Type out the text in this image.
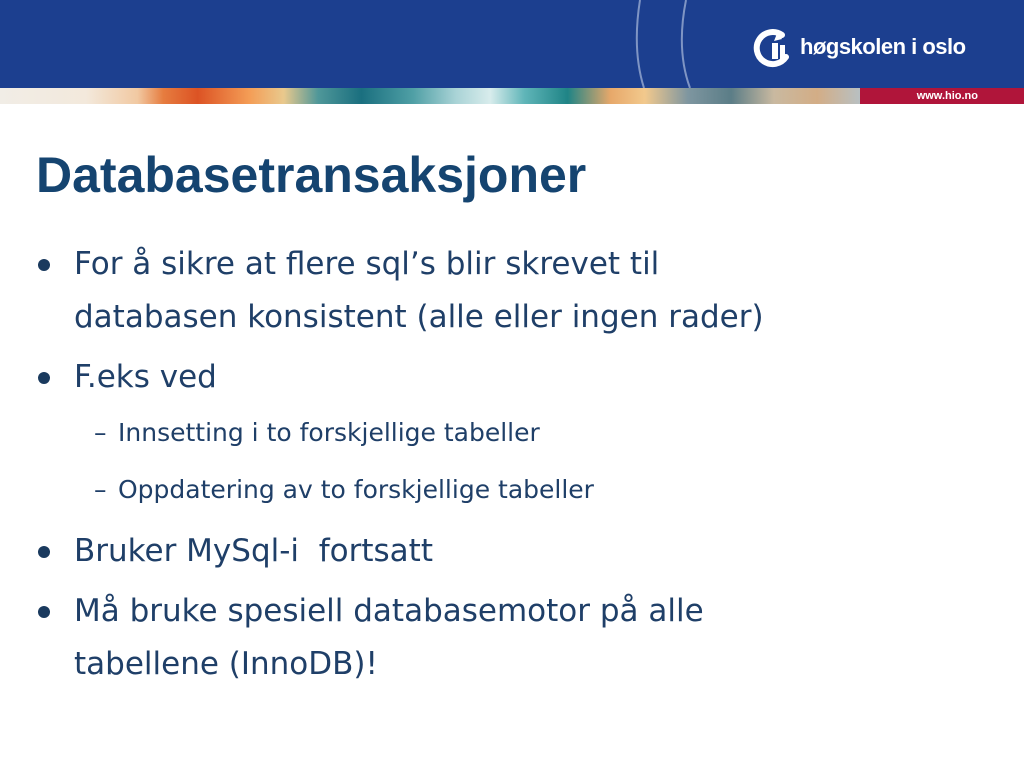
høgskolen i oslo
www.hio.no
Databasetransaksjoner
For å sikre at flere sql’s blir skrevet til
databasen konsistent (alle eller ingen rader)
F.eks ved
– Innsetting i to forskjellige tabeller
– Oppdatering av to forskjellige tabeller
Bruker MySql-i  fortsatt
Må bruke spesiell databasemotor på alle
tabellene (InnoDB)!
